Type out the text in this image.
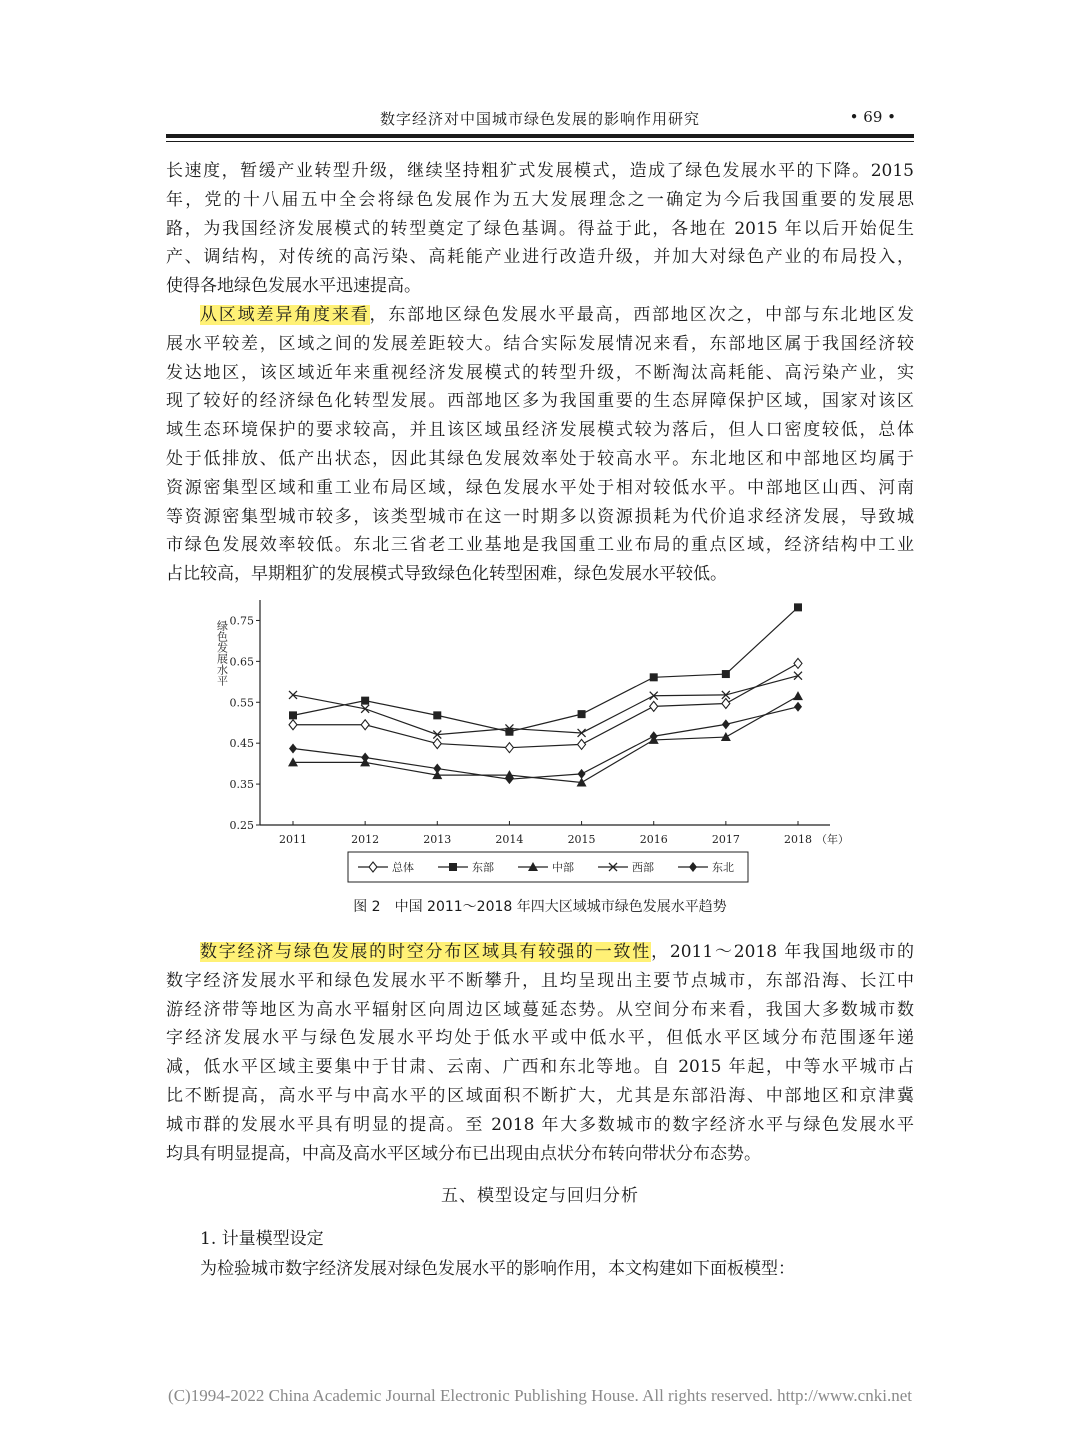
数字经济对中国城市绿色发展的影响作用研究	• 69 •
长速度，暂缓产业转型升级，继续坚持粗犷式发展模式，造成了绿色发展水平的下降。2015
年，党的十八届五中全会将绿色发展作为五大发展理念之一确定为今后我国重要的发展思
路，为我国经济发展模式的转型奠定了绿色基调。得益于此，各地在 2015 年以后开始促生
产、调结构，对传统的高污染、高耗能产业进行改造升级，并加大对绿色产业的布局投入，
使得各地绿色发展水平迅速提高。
从区域差异角度来看，东部地区绿色发展水平最高，西部地区次之，中部与东北地区发
展水平较差，区域之间的发展差距较大。结合实际发展情况来看，东部地区属于我国经济较
发达地区，该区域近年来重视经济发展模式的转型升级，不断淘汰高耗能、高污染产业，实
现了较好的经济绿色化转型发展。西部地区多为我国重要的生态屏障保护区域，国家对该区
域生态环境保护的要求较高，并且该区域虽经济发展模式较为落后，但人口密度较低，总体
处于低排放、低产出状态，因此其绿色发展效率处于较高水平。东北地区和中部地区均属于
资源密集型区域和重工业布局区域，绿色发展水平处于相对较低水平。中部地区山西、河南
等资源密集型城市较多，该类型城市在这一时期多以资源损耗为代价追求经济发展，导致城
市绿色发展效率较低。东北三省老工业基地是我国重工业布局的重点区域，经济结构中工业
占比较高，早期粗犷的发展模式导致绿色化转型困难，绿色发展水平较低。
0.25
0.35
0.45
0.55
0.65
0.75
绿色发展水平
2011	2012	2013	2014	2015	2016	2017	2018 （年）
总体	东部	中部	西部	东北
图 2　中国 2011～2018 年四大区域城市绿色发展水平趋势
数字经济与绿色发展的时空分布区域具有较强的一致性，2011～2018 年我国地级市的
数字经济发展水平和绿色发展水平不断攀升，且均呈现出主要节点城市，东部沿海、长江中
游经济带等地区为高水平辐射区向周边区域蔓延态势。从空间分布来看，我国大多数城市数
字经济发展水平与绿色发展水平均处于低水平或中低水平，但低水平区域分布范围逐年递
减，低水平区域主要集中于甘肃、云南、广西和东北等地。自 2015 年起，中等水平城市占
比不断提高，高水平与中高水平的区域面积不断扩大，尤其是东部沿海、中部地区和京津冀
城市群的发展水平具有明显的提高。至 2018 年大多数城市的数字经济水平与绿色发展水平
均具有明显提高，中高及高水平区域分布已出现由点状分布转向带状分布态势。
五、模型设定与回归分析
1. 计量模型设定
为检验城市数字经济发展对绿色发展水平的影响作用，本文构建如下面板模型：
(C)1994-2022 China Academic Journal Electronic Publishing House. All rights reserved. http://www.cnki.net
